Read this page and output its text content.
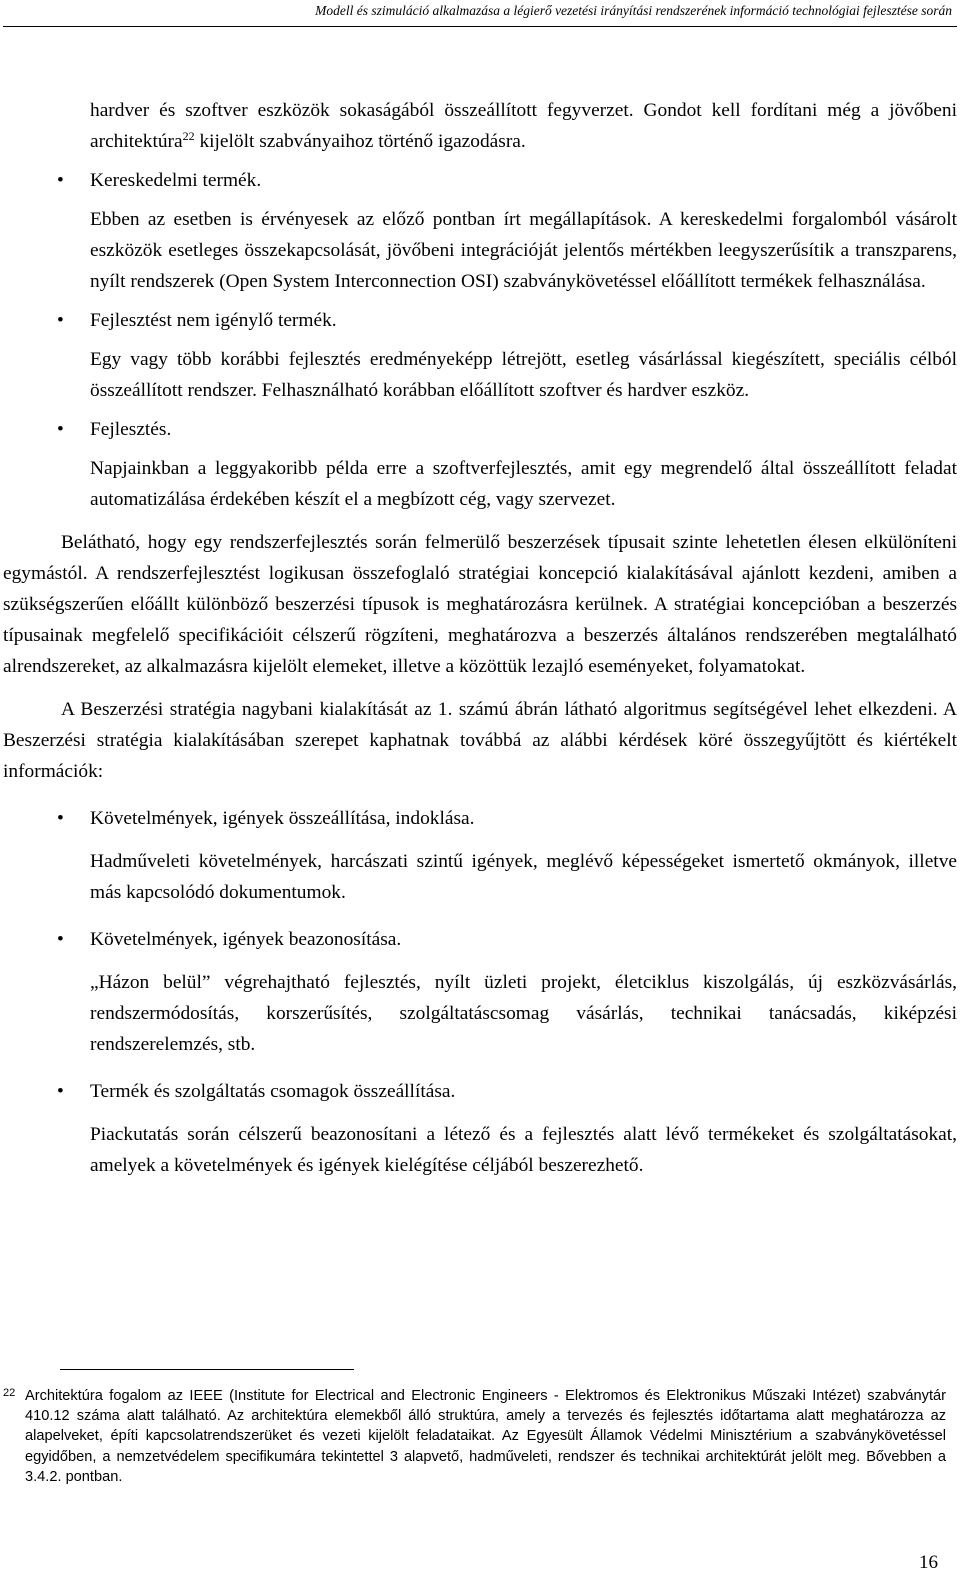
Modell és szimuláció alkalmazása a légierő vezetési irányítási rendszerének információ technológiai fejlesztése során

hardver és szoftver eszközök sokaságából összeállított fegyverzet. Gondot kell fordítani még a jövőbeni architektúra$^{22}$ kijelölt szabványaihoz történő igazodásra.

• Kereskedelmi termék.

Ebben az esetben is érvényesek az előző pontban írt megállapítások. A kereskedelmi forgalomból vásárolt eszközök esetleges összekapcsolását, jövőbeni integrációját jelentős mértékben leegyszerűsítik a transzparens, nyílt rendszerek (Open System Interconnection OSI) szabványkövetéssel előállított termékek felhasználása.

• Fejlesztést nem igénylő termék.

Egy vagy több korábbi fejlesztés eredményeképp létrejött, esetleg vásárlással kiegészített, speciális célból összeállított rendszer. Felhasználható korábban előállított szoftver és hardver eszköz.

• Fejlesztés.

Napjainkban a leggyakoribb példa erre a szoftverfejlesztés, amit egy megrendelő által összeállított feladat automatizálása érdekében készít el a megbízott cég, vagy szervezet.

Belátható, hogy egy rendszerfejlesztés során felmerülő beszerzések típusait szinte lehetetlen élesen elkülöníteni egymástól. A rendszerfejlesztést logikusan összefoglaló stratégiai koncepció kialakításával ajánlott kezdeni, amiben a szükségszerűen előállt különböző beszerzési típusok is meghatározásra kerülnek. A stratégiai koncepcióban a beszerzés típusainak megfelelő specifikációit célszerű rögzíteni, meghatározva a beszerzés általános rendszerében megtalálható alrendszereket, az alkalmazásra kijelölt elemeket, illetve a közöttük lezajló eseményeket, folyamatokat.

A Beszerzési stratégia nagybani kialakítását az 1. számú ábrán látható algoritmus segítségével lehet elkezdeni. A Beszerzési stratégia kialakításában szerepet kaphatnak továbbá az alábbi kérdések köré összegyűjtött és kiértékelt információk:

• Követelmények, igények összeállítása, indoklása.

Hadműveleti követelmények, harcászati szintű igények, meglévő képességeket ismertető okmányok, illetve más kapcsolódó dokumentumok.

• Követelmények, igények beazonosítása.

„Házon belül” végrehajtható fejlesztés, nyílt üzleti projekt, életciklus kiszolgálás, új eszközvásárlás, rendszermódosítás, korszerűsítés, szolgáltatáscsomag vásárlás, technikai tanácsadás, kiképzési rendszerelemzés, stb.

• Termék és szolgáltatás csomagok összeállítása.

Piackutatás során célszerű beazonosítani a létező és a fejlesztés alatt lévő termékeket és szolgáltatásokat, amelyek a követelmények és igények kielégítése céljából beszerezhető.

22 Architektúra fogalom az IEEE (Institute for Electrical and Electronic Engineers - Elektromos és Elektronikus Műszaki Intézet) szabványtár 410.12 száma alatt található. Az architektúra elemekből álló struktúra, amely a tervezés és fejlesztés időtartama alatt meghatározza az alapelveket, építi kapcsolatrendszerüket és vezeti kijelölt feladataikat. Az Egyesült Államok Védelmi Minisztérium a szabványkövetéssel egyidőben, a nemzetvédelem specifikumára tekintettel 3 alapvető, hadműveleti, rendszer és technikai architektúrát jelölt meg. Bővebben a 3.4.2. pontban.
16
